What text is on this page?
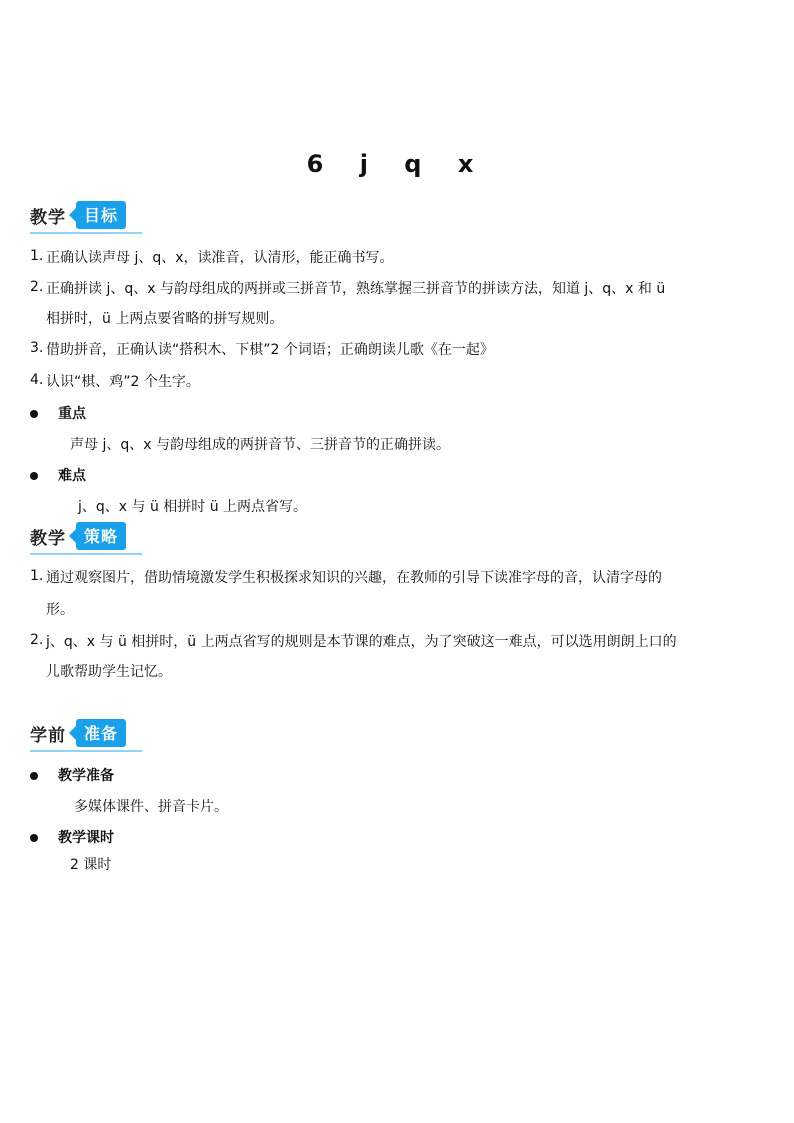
6 j q x
教学	目标
1. 正确认读声母 j、q、x，读准音，认清形，能正确书写。
2. 正确拼读 j、q、x 与韵母组成的两拼或三拼音节，熟练掌握三拼音节的拼读方法，知道 j、q、x 和 ü
相拼时，ü 上两点要省略的拼写规则。
3. 借助拼音，正确认读“搭积木、下棋”2 个词语；正确朗读儿歌《在一起》
4. 认识“棋、鸡”2 个生字。
重点
声母 j、q、x 与韵母组成的两拼音节、三拼音节的正确拼读。
难点
j、q、x 与 ü 相拼时 ü 上两点省写。
教学	策略
1. 通过观察图片，借助情境激发学生积极探求知识的兴趣，在教师的引导下读准字母的音，认清字母的
形。
2. j、q、x 与 ü 相拼时，ü 上两点省写的规则是本节课的难点，为了突破这一难点，可以选用朗朗上口的
儿歌帮助学生记忆。
学前	准备
教学准备
多媒体课件、拼音卡片。
教学课时
2 课时
